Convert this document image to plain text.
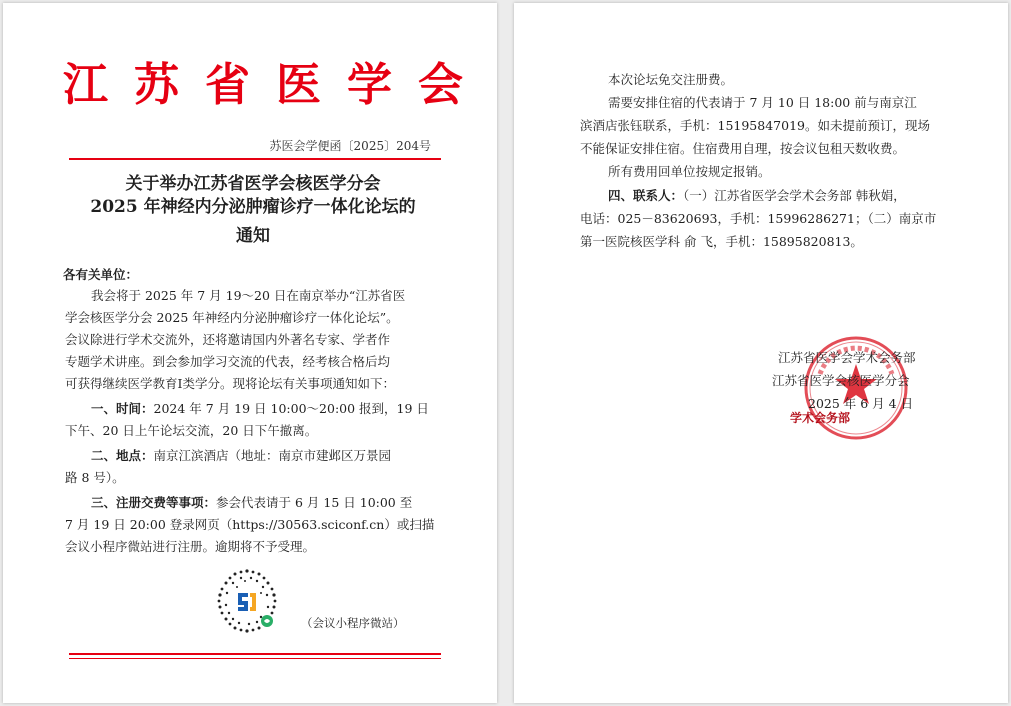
江苏省医学会
苏医会学便函〔2025〕204号
关于举办江苏省医学会核医学分会
2025 年神经内分泌肿瘤诊疗一体化论坛的
通知
各有关单位：
我会将于 2025 年 7 月 19～20 日在南京举办“江苏省医
学会核医学分会 2025 年神经内分泌肿瘤诊疗一体化论坛”。
会议除进行学术交流外，还将邀请国内外著名专家、学者作
专题学术讲座。到会参加学习交流的代表，经考核合格后均
可获得继续医学教育Ⅰ类学分。现将论坛有关事项通知如下：
一、时间：2024 年 7 月 19 日 10:00～20:00 报到，19 日
下午、20 日上午论坛交流，20 日下午撤离。
二、地点：南京江滨酒店（地址：南京市建邺区万景园
路 8 号）。
三、注册交费等事项：参会代表请于 6 月 15 日 10:00 至
7 月 19 日 20:00 登录网页（https://30563.sciconf.cn）或扫描
会议小程序微站进行注册。逾期将不予受理。
（会议小程序微站）
本次论坛免交注册费。
需要安排住宿的代表请于 7 月 10 日 18:00 前与南京江
滨酒店张钰联系，手机：15195847019。如未提前预订，现场
不能保证安排住宿。住宿费用自理，按会议包租天数收费。
所有费用回单位按规定报销。
四、联系人：（一）江苏省医学会学术会务部 韩秋娟，
电话：025－83620693，手机：15996286271；（二）南京市
第一医院核医学科 俞 飞，手机：15895820813。
学术会务部
江苏省医学会学术会务部
江苏省医学会核医学分会
2025 年 6 月 4 日
